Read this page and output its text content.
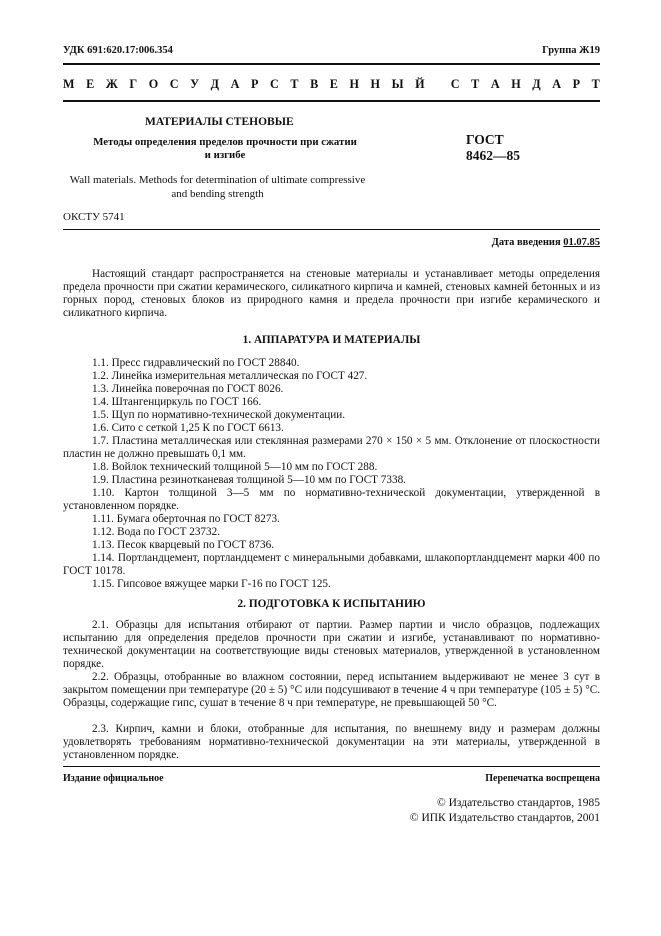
УДК 691:620.17:006.354	Группа Ж19
М Е Ж Г О С У Д А Р С Т В Е Н Н Ы Й
С Т А Н Д А Р Т
МАТЕРИАЛЫ СТЕНОВЫЕ
Методы определения пределов прочности при сжатии
и изгибе
ГОСТ
8462—85
Wall materials. Methods for determination of ultimate compressive
and bending strength
ОКСТУ 5741
Дата введения 01.07.85
Настоящий стандарт распространяется на стеновые материалы и устанавливает методы определения предела прочности при сжатии керамического, силикатного кирпича и камней, стеновых камней бетонных и из горных пород, стеновых блоков из природного камня и предела прочности при изгибе керамического и силикатного кирпича.
1. АППАРАТУРА И МАТЕРИАЛЫ
1.1. Пресс гидравлический по ГОСТ 28840.
1.2. Линейка измерительная металлическая по ГОСТ 427.
1.3. Линейка поверочная по ГОСТ 8026.
1.4. Штангенциркуль по ГОСТ 166.
1.5. Щуп по нормативно-технической документации.
1.6. Сито с сеткой 1,25 К по ГОСТ 6613.
1.7. Пластина металлическая или стеклянная размерами 270 × 150 × 5 мм. Отклонение от плоскостности пластин не должно превышать 0,1 мм.
1.8. Войлок технический толщиной 5—10 мм по ГОСТ 288.
1.9. Пластина резинотканевая толщиной 5—10 мм по ГОСТ 7338.
1.10. Картон толщиной 3—5 мм по нормативно-технической документации, утвержденной в установленном порядке.
1.11. Бумага оберточная по ГОСТ 8273.
1.12. Вода по ГОСТ 23732.
1.13. Песок кварцевый по ГОСТ 8736.
1.14. Портландцемент, портландцемент с минеральными добавками, шлакопортландцемент марки 400 по ГОСТ 10178.
1.15. Гипсовое вяжущее марки Г-16 по ГОСТ 125.
2. ПОДГОТОВКА К ИСПЫТАНИЮ
2.1. Образцы для испытания отбирают от партии. Размер партии и число образцов, подлежащих испытанию для определения пределов прочности при сжатии и изгибе, устанавливают по нормативно-технической документации на соответствующие виды стеновых материалов, утвержденной в установленном порядке.
2.2. Образцы, отобранные во влажном состоянии, перед испытанием выдерживают не менее 3 сут в закрытом помещении при температуре (20 ± 5) °С или подсушивают в течение 4 ч при температуре (105 ± 5) °С. Образцы, содержащие гипс, сушат в течение 8 ч при температуре, не превышающей 50 °С.
2.3. Кирпич, камни и блоки, отобранные для испытания, по внешнему виду и размерам должны удовлетворять требованиям нормативно-технической документации на эти материалы, утвержденной в установленном порядке.
Издание официальное	Перепечатка воспрещена
© Издательство стандартов, 1985
© ИПК Издательство стандартов, 2001
